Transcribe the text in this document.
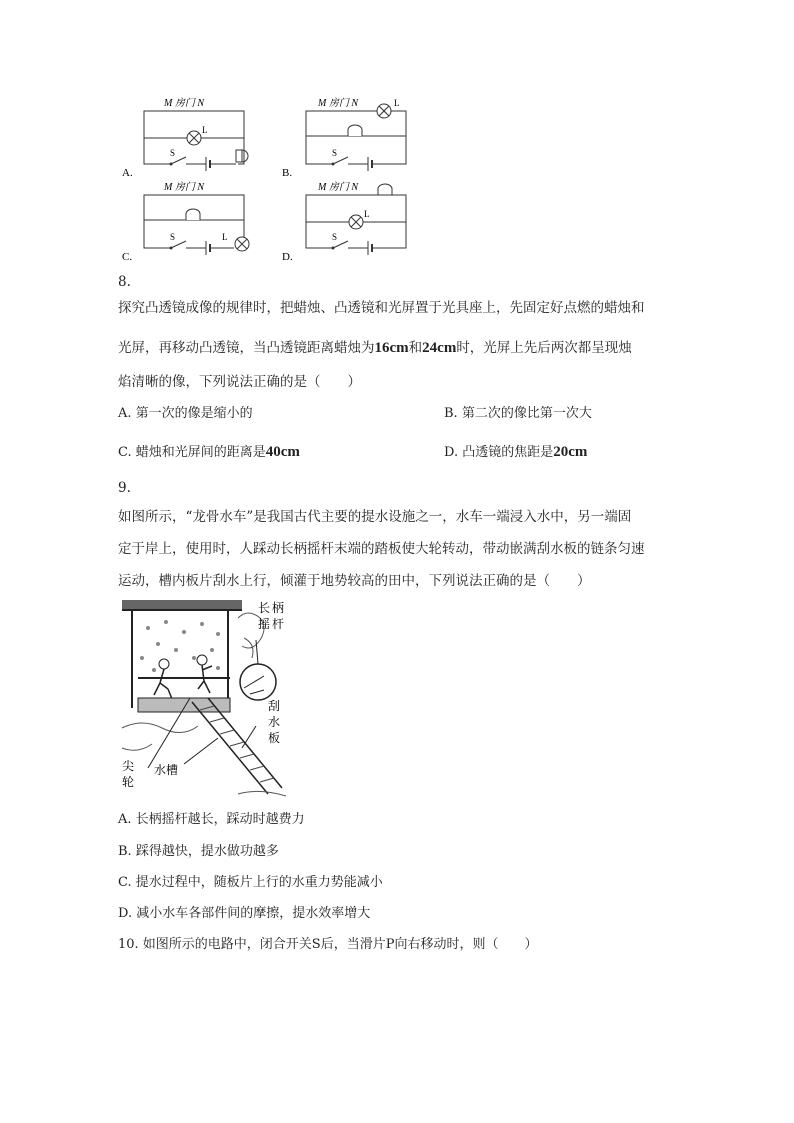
M 房门 N
L
S
A.
M 房门 N	L
S
B.
M 房门 N
S	L
C.
M 房门 N
L
S
D.
8.
探究凸透镜成像的规律时，把蜡烛、凸透镜和光屏置于光具座上，先固定好点燃的蜡烛和
光屏，再移动凸透镜，当凸透镜距离蜡烛为16cm和24cm时，光屏上先后两次都呈现烛
焰清晰的像，下列说法正确的是（　　）
A. 第一次的像是缩小的	B. 第二次的像比第一次大
C. 蜡烛和光屏间的距离是40cm	D. 凸透镜的焦距是20cm
9.
如图所示，“龙骨水车”是我国古代主要的提水设施之一，水车一端浸入水中，另一端固
定于岸上，使用时，人踩动长柄摇杆末端的踏板使大轮转动，带动嵌满刮水板的链条匀速
运动，槽内板片刮水上行，倾灌于地势较高的田中，下列说法正确的是（　　）
长 柄 摇 杆
刮水板
尖轮
水槽
A. 长柄摇杆越长，踩动时越费力
B. 踩得越快，提水做功越多
C. 提水过程中，随板片上行的水重力势能减小
D. 减小水车各部件间的摩擦，提水效率增大
10. 如图所示的电路中，闭合开关S后，当滑片P向右移动时，则（　　）
